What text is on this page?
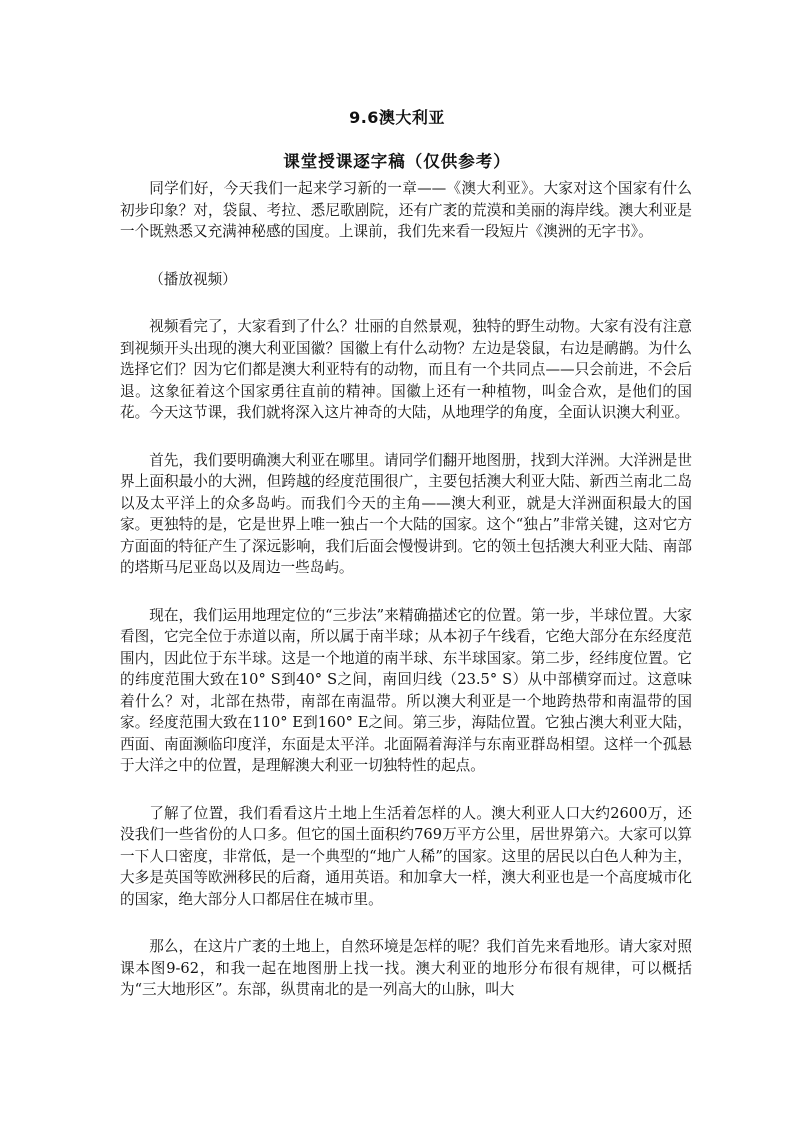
9.6澳大利亚
课堂授课逐字稿（仅供参考）

同学们好，今天我们一起来学习新的一章——《澳大利亚》。大家对这个国家有什么初步印象？对，袋鼠、考拉、悉尼歌剧院，还有广袤的荒漠和美丽的海岸线。澳大利亚是一个既熟悉又充满神秘感的国度。上课前，我们先来看一段短片《澳洲的无字书》。

（播放视频）

视频看完了，大家看到了什么？壮丽的自然景观，独特的野生动物。大家有没有注意到视频开头出现的澳大利亚国徽？国徽上有什么动物？左边是袋鼠，右边是鸸鹋。为什么选择它们？因为它们都是澳大利亚特有的动物，而且有一个共同点——只会前进，不会后退。这象征着这个国家勇往直前的精神。国徽上还有一种植物，叫金合欢，是他们的国花。今天这节课，我们就将深入这片神奇的大陆，从地理学的角度，全面认识澳大利亚。

首先，我们要明确澳大利亚在哪里。请同学们翻开地图册，找到大洋洲。大洋洲是世界上面积最小的大洲，但跨越的经度范围很广，主要包括澳大利亚大陆、新西兰南北二岛以及太平洋上的众多岛屿。而我们今天的主角——澳大利亚，就是大洋洲面积最大的国家。更独特的是，它是世界上唯一独占一个大陆的国家。这个“独占”非常关键，这对它方方面面的特征产生了深远影响，我们后面会慢慢讲到。它的领土包括澳大利亚大陆、南部的塔斯马尼亚岛以及周边一些岛屿。

现在，我们运用地理定位的“三步法”来精确描述它的位置。第一步，半球位置。大家看图，它完全位于赤道以南，所以属于南半球；从本初子午线看，它绝大部分在东经度范围内，因此位于东半球。这是一个地道的南半球、东半球国家。第二步，经纬度位置。它的纬度范围大致在10° S到40° S之间，南回归线（23.5° S）从中部横穿而过。这意味着什么？对，北部在热带，南部在南温带。所以澳大利亚是一个地跨热带和南温带的国家。经度范围大致在110° E到160° E之间。第三步，海陆位置。它独占澳大利亚大陆，西面、南面濒临印度洋，东面是太平洋。北面隔着海洋与东南亚群岛相望。这样一个孤悬于大洋之中的位置，是理解澳大利亚一切独特性的起点。

了解了位置，我们看看这片土地上生活着怎样的人。澳大利亚人口大约2600万，还没我们一些省份的人口多。但它的国土面积约769万平方公里，居世界第六。大家可以算一下人口密度，非常低，是一个典型的“地广人稀”的国家。这里的居民以白色人种为主，大多是英国等欧洲移民的后裔，通用英语。和加拿大一样，澳大利亚也是一个高度城市化的国家，绝大部分人口都居住在城市里。

那么，在这片广袤的土地上，自然环境是怎样的呢？我们首先来看地形。请大家对照课本图9-62，和我一起在地图册上找一找。澳大利亚的地形分布很有规律，可以概括为“三大地形区”。东部，纵贯南北的是一列高大的山脉，叫大
